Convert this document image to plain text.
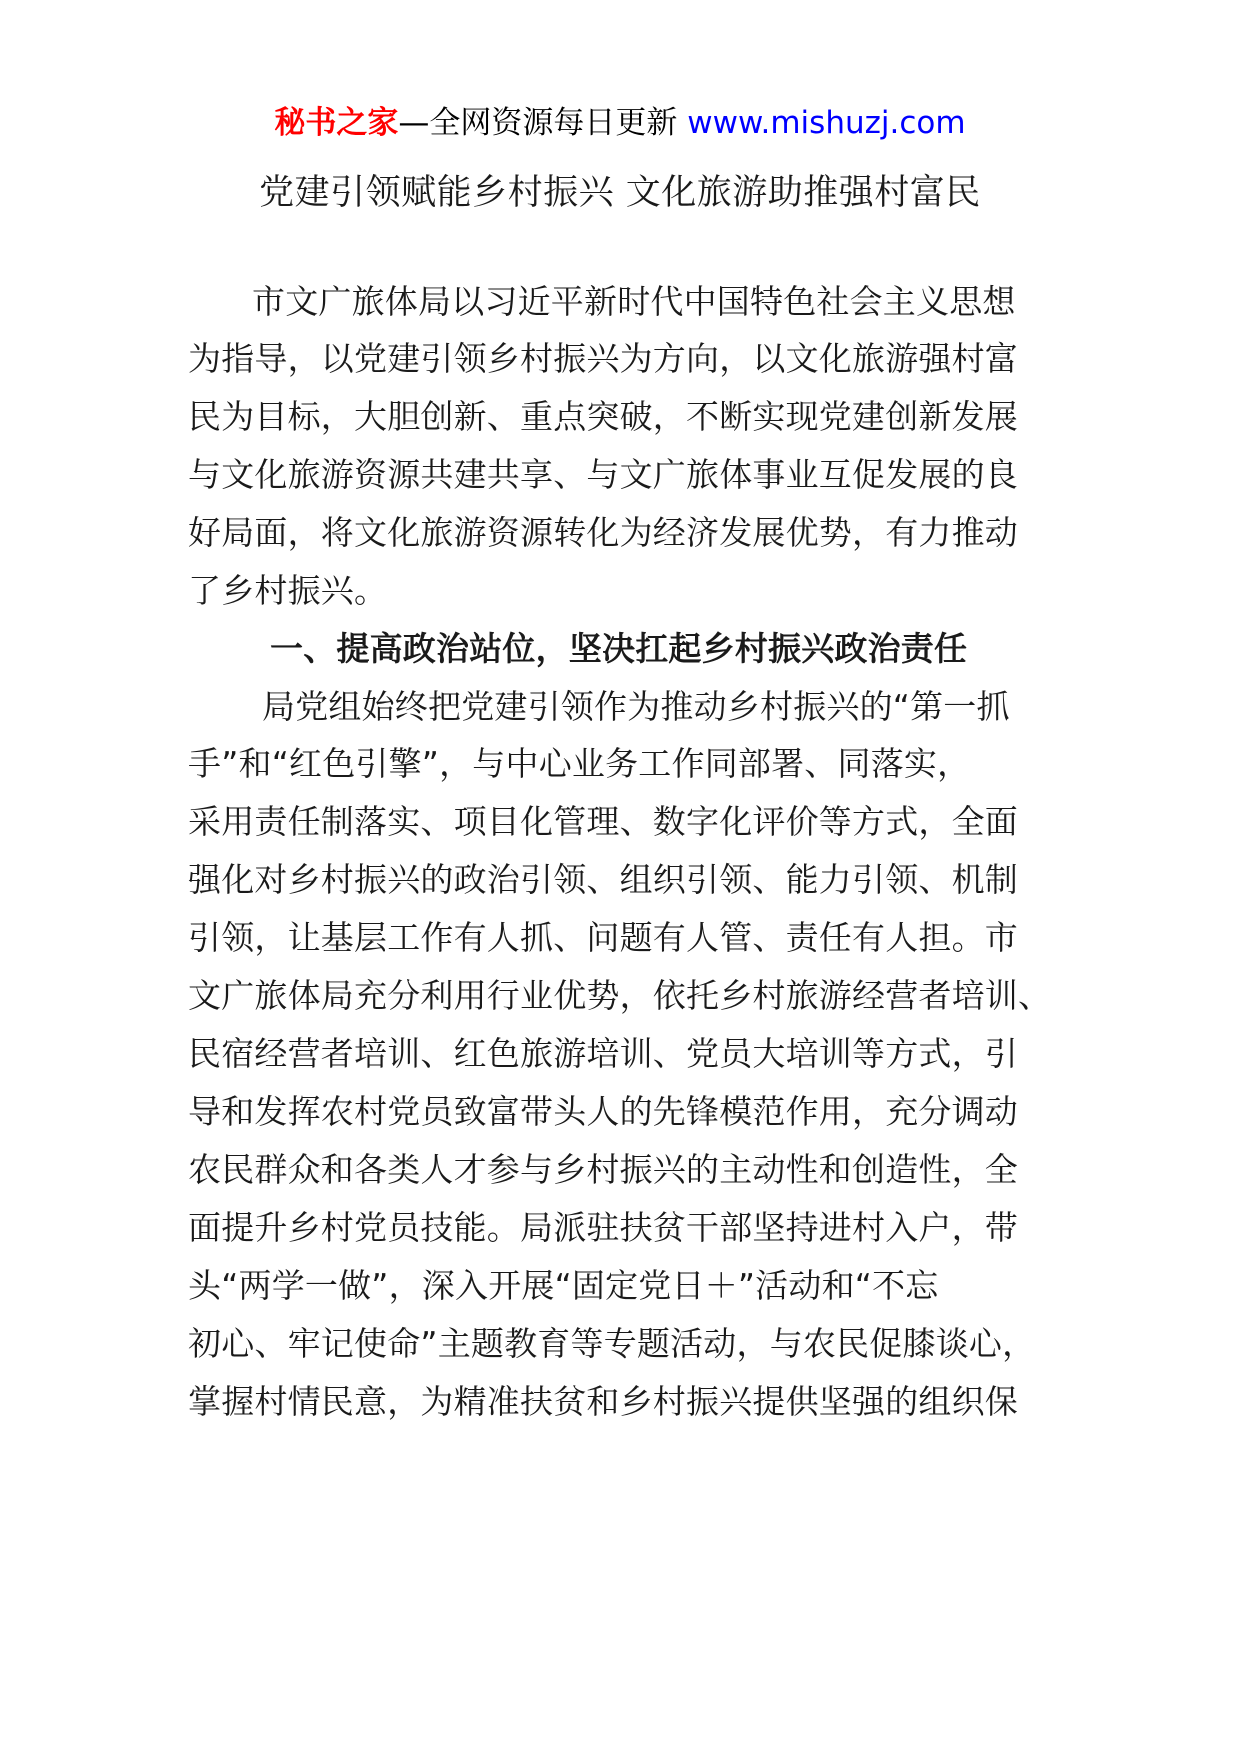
秘书之家—全网资源每日更新 www.mishuzj.com
党建引领赋能乡村振兴 文化旅游助推强村富民
市文广旅体局以习近平新时代中国特色社会主义思想
为指导，以党建引领乡村振兴为方向，以文化旅游强村富
民为目标，大胆创新、重点突破，不断实现党建创新发展
与文化旅游资源共建共享、与文广旅体事业互促发展的良
好局面，将文化旅游资源转化为经济发展优势，有力推动
了乡村振兴。
一、提高政治站位，坚决扛起乡村振兴政治责任
局党组始终把党建引领作为推动乡村振兴的“第一抓
手”和“红色引擎”，与中心业务工作同部署、同落实，
采用责任制落实、项目化管理、数字化评价等方式，全面
强化对乡村振兴的政治引领、组织引领、能力引领、机制
引领，让基层工作有人抓、问题有人管、责任有人担。市
文广旅体局充分利用行业优势，依托乡村旅游经营者培训、
民宿经营者培训、红色旅游培训、党员大培训等方式，引
导和发挥农村党员致富带头人的先锋模范作用，充分调动
农民群众和各类人才参与乡村振兴的主动性和创造性，全
面提升乡村党员技能。局派驻扶贫干部坚持进村入户，带
头“两学一做”，深入开展“固定党日＋”活动和“不忘
初心、牢记使命”主题教育等专题活动，与农民促膝谈心，
掌握村情民意，为精准扶贫和乡村振兴提供坚强的组织保
